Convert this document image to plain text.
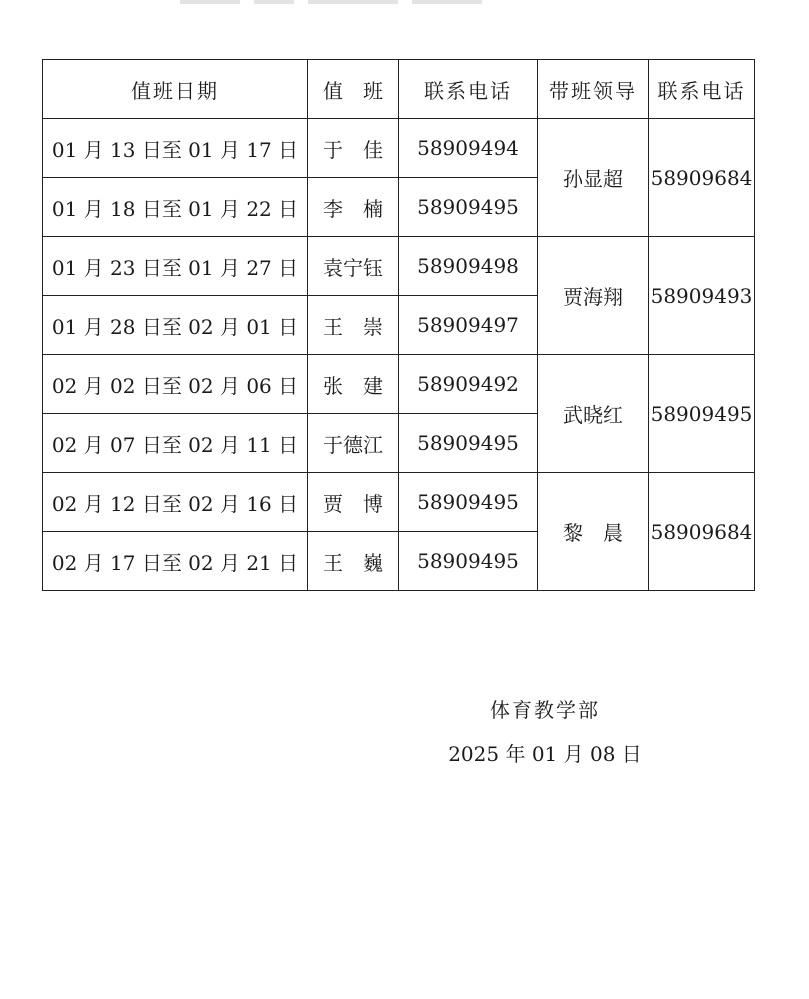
值班日期	值　班	联系电话	带班领导	联系电话
01 月 13 日至 01 月 17 日	于　佳	58909494	孙显超	58909684
01 月 18 日至 01 月 22 日	李　楠	58909495		
01 月 23 日至 01 月 27 日	袁宁钰	58909498	贾海翔	58909493
01 月 28 日至 02 月 01 日	王　崇	58909497		
02 月 02 日至 02 月 06 日	张　建	58909492	武晓红	58909495
02 月 07 日至 02 月 11 日	于德江	58909495		
02 月 12 日至 02 月 16 日	贾　博	58909495	黎　晨	58909684
02 月 17 日至 02 月 21 日	王　巍	58909495		
体育教学部
2025 年 01 月 08 日
